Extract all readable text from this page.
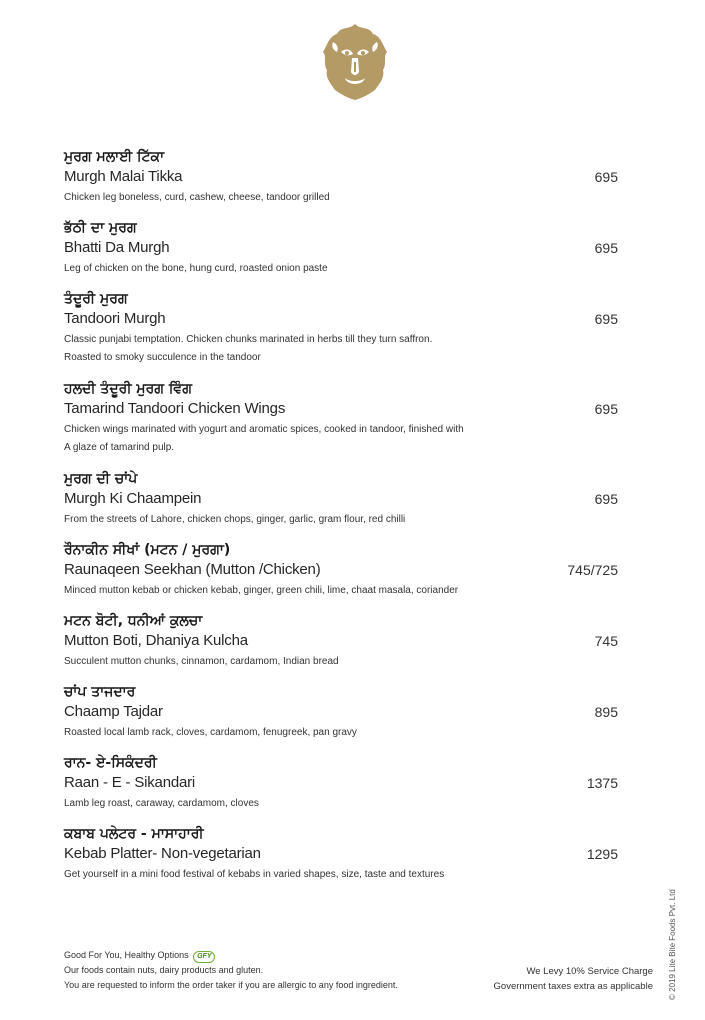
ਮੁਰਗ ਮਲਾਈ ਟਿੱਕਾ
Murgh Malai Tikka
Chicken leg boneless, curd, cashew, cheese, tandoor grilled
695
ਭੱਠੀ ਦਾ ਮੁਰਗ
Bhatti Da Murgh
Leg of chicken on the bone, hung curd, roasted onion paste
695
ਤੰਦੂਰੀ ਮੁਰਗ
Tandoori Murgh
Classic punjabi temptation. Chicken chunks marinated in herbs till they turn saffron.
Roasted to smoky succulence in the tandoor
695
ਹਲਦੀ ਤੰਦੂਰੀ ਮੁਰਗ ਵਿੰਗ
Tamarind Tandoori Chicken Wings
Chicken wings marinated with yogurt and aromatic spices, cooked in tandoor, finished with
A glaze of tamarind pulp.
695
ਮੁਰਗ ਦੀ ਚਾਂਪੇ
Murgh Ki Chaampein
From the streets of Lahore, chicken chops, ginger, garlic, gram flour, red chilli
695
ਰੌਨਾਕੀਨ ਸੀਖਾਂ (ਮਟਨ / ਮੁਰਗਾ)
Raunaqeen Seekhan (Mutton /Chicken)
Minced mutton kebab or chicken kebab, ginger, green chili, lime, chaat masala, coriander
745/725
ਮਟਨ ਬੋਟੀ, ਧਨੀਆਂ ਕੁਲਚਾ
Mutton Boti, Dhaniya Kulcha
Succulent mutton chunks, cinnamon, cardamom, Indian bread
745
ਚਾਂਪ ਤਾਜਦਾਰ
Chaamp Tajdar
Roasted local lamb rack, cloves, cardamom, fenugreek, pan gravy
895
ਰਾਨ- ਏ-ਸਿਕੰਦਰੀ
Raan - E - Sikandari
Lamb leg roast, caraway, cardamom, cloves
1375
ਕਬਾਬ ਪਲੇਟਰ - ਮਾਸਾਹਾਰੀ
Kebab Platter- Non-vegetarian
Get yourself in a mini food festival of kebabs in varied shapes, size, taste and textures
1295
Good For You, Healthy Options GFY
Our foods contain nuts, dairy products and gluten.
You are requested to inform the order taker if you are allergic to any food ingredient.
We Levy 10% Service Charge
Government taxes extra as applicable © 2019 Lite Bite Foods Pvt. Ltd
